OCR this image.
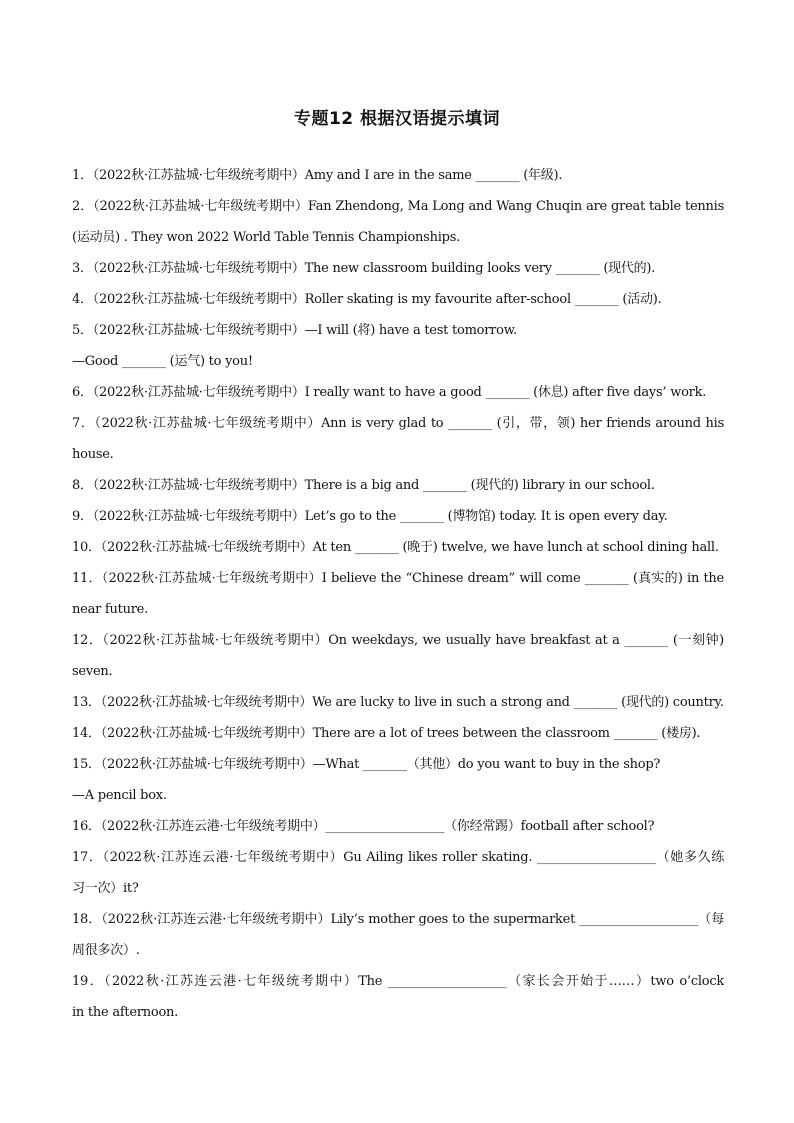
专题12 根据汉语提示填词
1．（2022秋·江苏盐城·七年级统考期中）Amy and I are in the same _______ (年级).
2．（2022秋·江苏盐城·七年级统考期中）Fan Zhendong, Ma Long and Wang Chuqin are great table tennis
(运动员) . They won 2022 World Table Tennis Championships.
3．（2022秋·江苏盐城·七年级统考期中）The new classroom building looks very _______ (现代的).
4．（2022秋·江苏盐城·七年级统考期中）Roller skating is my favourite after-school _______ (活动).
5．（2022秋·江苏盐城·七年级统考期中）—I will (将) have a test tomorrow.
—Good _______ (运气) to you!
6．（2022秋·江苏盐城·七年级统考期中）I really want to have a good _______ (休息) after five days’ work.
7．（2022秋·江苏盐城·七年级统考期中）Ann is very glad to _______ (引，带，领) her friends around his
house.
8．（2022秋·江苏盐城·七年级统考期中）There is a big and _______ (现代的) library in our school.
9．（2022秋·江苏盐城·七年级统考期中）Let’s go to the _______ (博物馆) today. It is open every day.
10．（2022秋·江苏盐城·七年级统考期中）At ten _______ (晚于) twelve, we have lunch at school dining hall.
11．（2022秋·江苏盐城·七年级统考期中）I believe the “Chinese dream” will come _______ (真实的) in the
near future.
12．（2022秋·江苏盐城·七年级统考期中）On weekdays, we usually have breakfast at a _______ (一刻钟)
seven.
13．（2022秋·江苏盐城·七年级统考期中）We are lucky to live in such a strong and _______ (现代的) country.
14．（2022秋·江苏盐城·七年级统考期中）There are a lot of trees between the classroom _______ (楼房).
15．（2022秋·江苏盐城·七年级统考期中）—What _______（其他）do you want to buy in the shop?
—A pencil box.
16．（2022秋·江苏连云港·七年级统考期中）___________________（你经常踢）football after school?
17．（2022秋·江苏连云港·七年级统考期中）Gu Ailing likes roller skating. ___________________（她多久练
习一次）it?
18．（2022秋·江苏连云港·七年级统考期中）Lily’s mother goes to the supermarket ___________________（每
周很多次）.
19．（2022秋·江苏连云港·七年级统考期中）The ___________________（家长会开始于……）two o’clock
in the afternoon.
